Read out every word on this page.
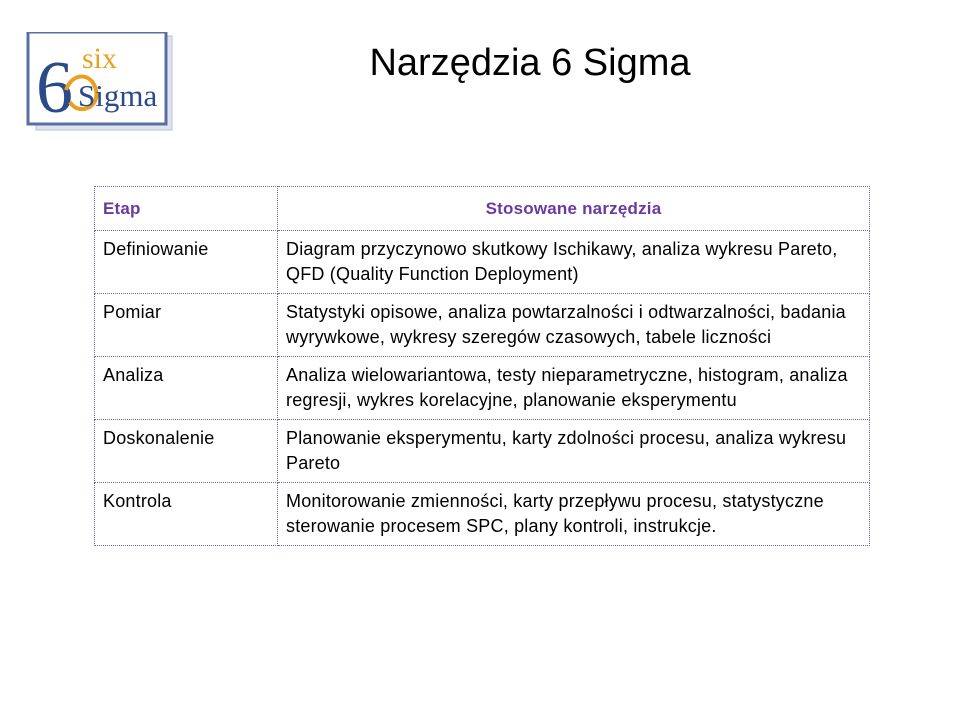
6 six
Sigma
Narzędzia 6 Sigma
Etap	Stosowane narzędzia
Definiowanie	Diagram przyczynowo skutkowy Ischikawy, analiza wykresu Pareto, QFD (Quality Function Deployment)
Pomiar	Statystyki opisowe, analiza powtarzalności i odtwarzalności, badania wyrywkowe, wykresy szeregów czasowych, tabele liczności
Analiza	Analiza wielowariantowa, testy nieparametryczne, histogram, analiza regresji, wykres korelacyjne, planowanie eksperymentu
Doskonalenie	Planowanie eksperymentu, karty zdolności procesu, analiza wykresu Pareto
Kontrola	Monitorowanie zmienności, karty przepływu procesu, statystyczne sterowanie procesem SPC, plany kontroli, instrukcje.
